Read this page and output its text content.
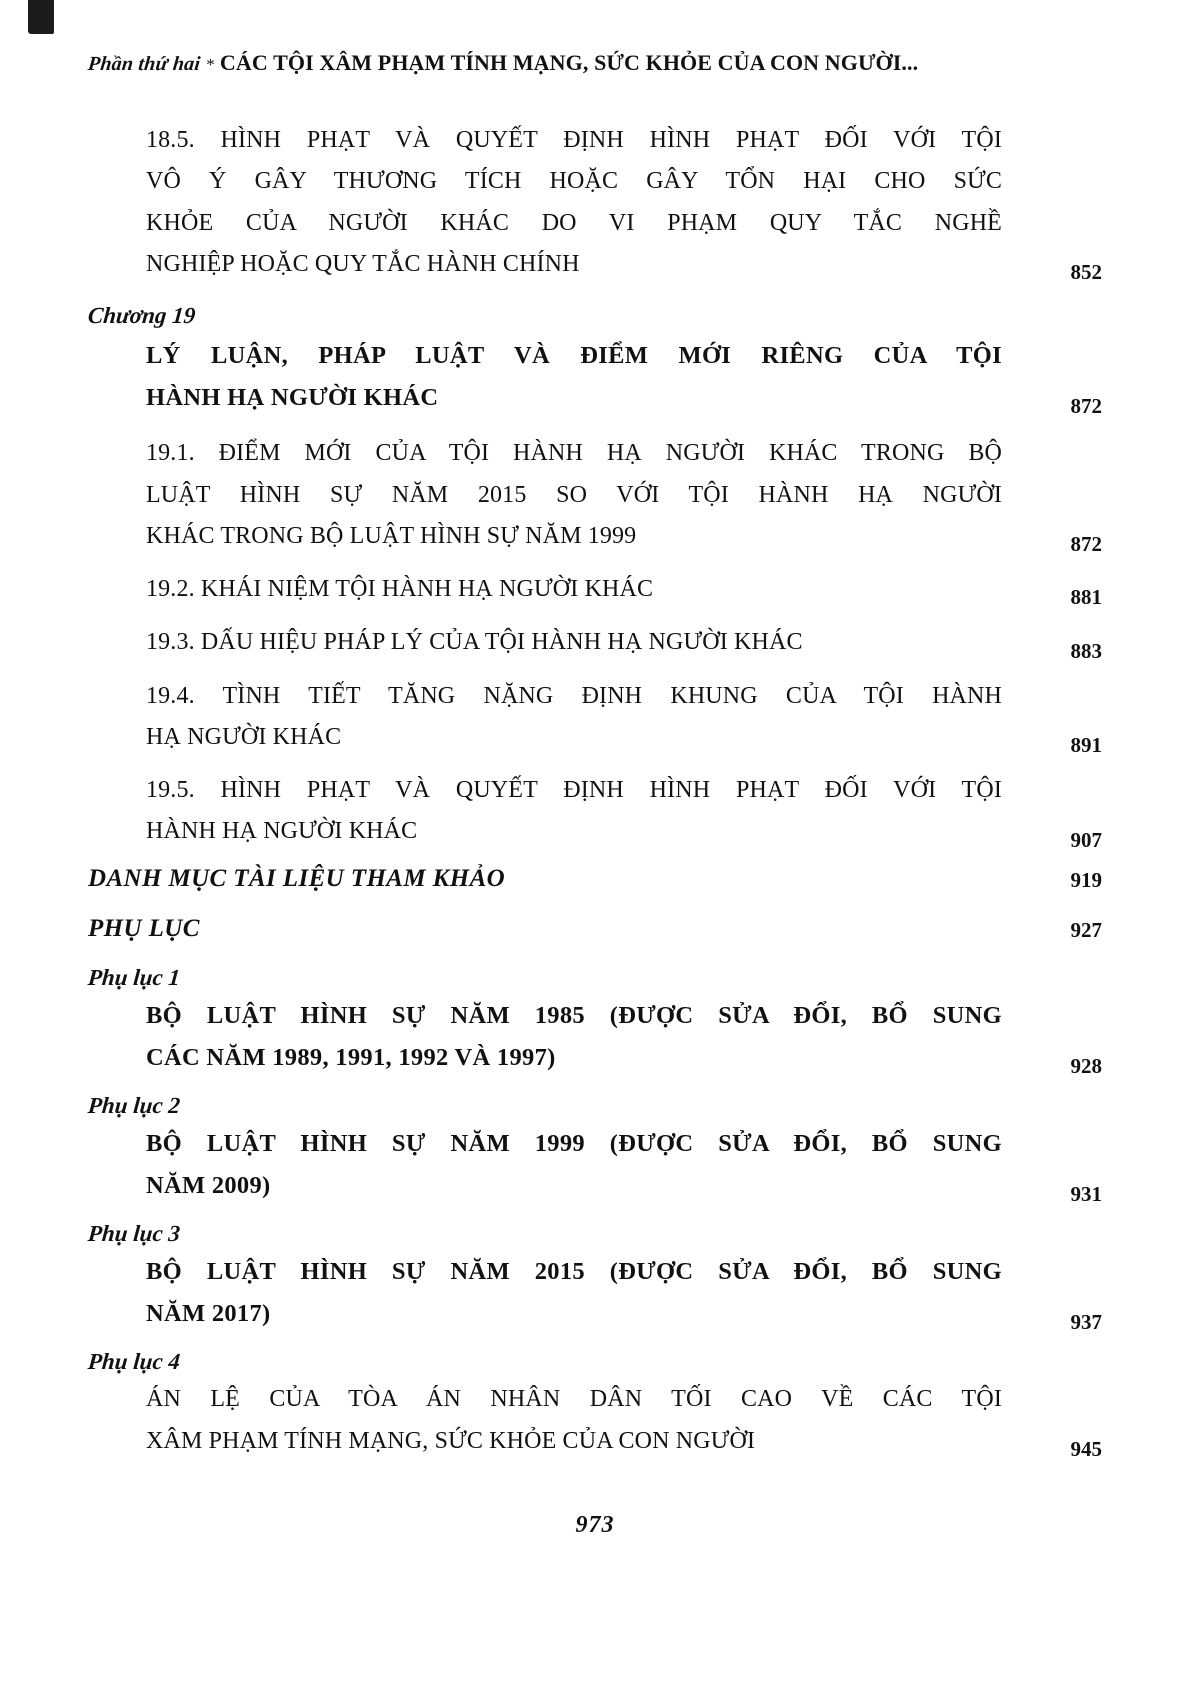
Phần thứ hai * CÁC TỘI XÂM PHẠM TÍNH MẠNG, SỨC KHỎE CỦA CON NGƯỜI...
18.5. HÌNH PHẠT VÀ QUYẾT ĐỊNH HÌNH PHẠT ĐỐI VỚI TỘI
VÔ Ý GÂY THƯƠNG TÍCH HOẶC GÂY TỔN HẠI CHO SỨC
KHỎE CỦA NGƯỜI KHÁC DO VI PHẠM QUY TẮC NGHỀ
NGHIỆP HOẶC QUY TẮC HÀNH CHÍNH	852
Chương 19
LÝ LUẬN, PHÁP LUẬT VÀ ĐIỂM MỚI RIÊNG CỦA TỘI
HÀNH HẠ NGƯỜI KHÁC	872
19.1. ĐIỂM MỚI CỦA TỘI HÀNH HẠ NGƯỜI KHÁC TRONG BỘ
LUẬT HÌNH SỰ NĂM 2015 SO VỚI TỘI HÀNH HẠ NGƯỜI
KHÁC TRONG BỘ LUẬT HÌNH SỰ NĂM 1999	872
19.2. KHÁI NIỆM TỘI HÀNH HẠ NGƯỜI KHÁC	881
19.3. DẤU HIỆU PHÁP LÝ CỦA TỘI HÀNH HẠ NGƯỜI KHÁC	883
19.4. TÌNH TIẾT TĂNG NẶNG ĐỊNH KHUNG CỦA TỘI HÀNH
HẠ NGƯỜI KHÁC	891
19.5. HÌNH PHẠT VÀ QUYẾT ĐỊNH HÌNH PHẠT ĐỐI VỚI TỘI
HÀNH HẠ NGƯỜI KHÁC	907
DANH MỤC TÀI LIỆU THAM KHẢO	919
PHỤ LỤC	927
Phụ lục 1
BỘ LUẬT HÌNH SỰ NĂM 1985 (ĐƯỢC SỬA ĐỔI, BỔ SUNG
CÁC NĂM 1989, 1991, 1992 VÀ 1997)	928
Phụ lục 2
BỘ LUẬT HÌNH SỰ NĂM 1999 (ĐƯỢC SỬA ĐỔI, BỔ SUNG
NĂM 2009)	931
Phụ lục 3
BỘ LUẬT HÌNH SỰ NĂM 2015 (ĐƯỢC SỬA ĐỔI, BỔ SUNG
NĂM 2017)	937
Phụ lục 4
ÁN LỆ CỦA TÒA ÁN NHÂN DÂN TỐI CAO VỀ CÁC TỘI
XÂM PHẠM TÍNH MẠNG, SỨC KHỎE CỦA CON NGƯỜI	945
973
